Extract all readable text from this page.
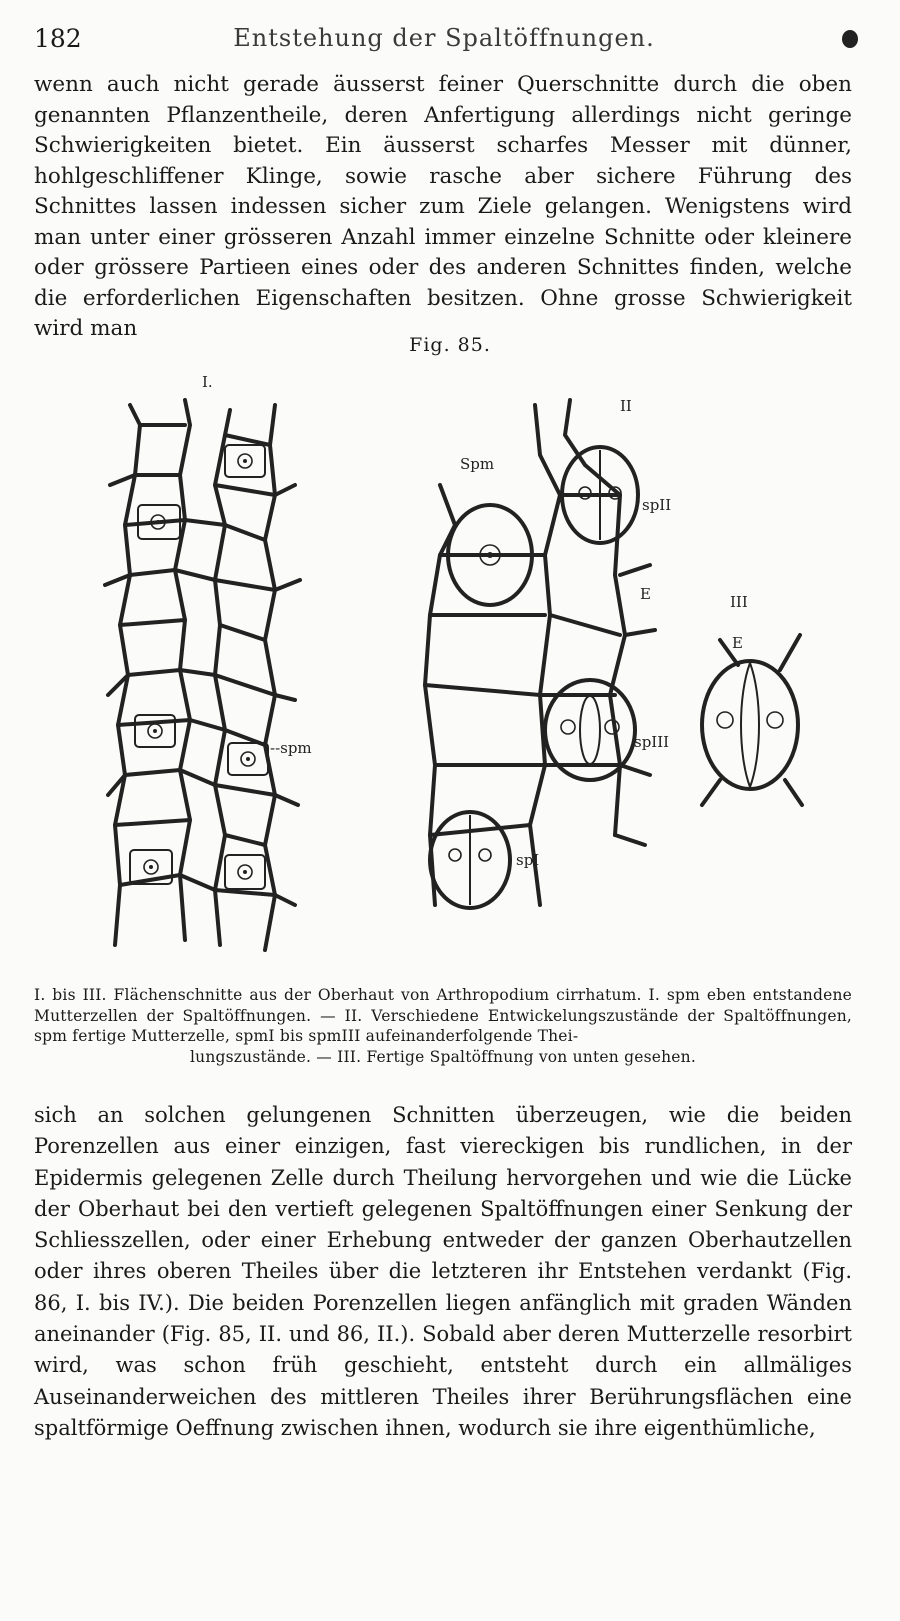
182	Entstehung der Spaltöffnungen.

wenn auch nicht gerade äusserst feiner Querschnitte durch die oben genannten Pflanzentheile, deren Anfertigung allerdings nicht geringe Schwierigkeiten bietet. Ein äusserst scharfes Messer mit dünner, hohlgeschliffener Klinge, sowie rasche aber sichere Führung des Schnittes lassen indessen sicher zum Ziele gelangen. Wenigstens wird man unter einer grösseren Anzahl immer einzelne Schnitte oder kleinere oder grössere Partieen eines oder des anderen Schnittes finden, welche die erforderlichen Eigenschaften besitzen. Ohne grosse Schwierigkeit wird man

Fig. 85.
I.
II
III
--spm
Spm
spII
E
spIII
spI
E
I. bis III. Flächenschnitte aus der Oberhaut von Arthropodium cirrhatum. I. spm eben entstandene Mutterzellen der Spaltöffnungen. — II. Verschiedene Entwickelungszustände der Spaltöffnungen, spm fertige Mutterzelle, spmI bis spmIII aufeinanderfolgende Thei-
lungszustände. — III. Fertige Spaltöffnung von unten gesehen.

sich an solchen gelungenen Schnitten überzeugen, wie die beiden Porenzellen aus einer einzigen, fast viereckigen bis rundlichen, in der Epidermis gelegenen Zelle durch Theilung hervorgehen und wie die Lücke der Oberhaut bei den vertieft gelegenen Spaltöffnungen einer Senkung der Schliesszellen, oder einer Erhebung entweder der ganzen Oberhautzellen oder ihres oberen Theiles über die letzteren ihr Entstehen verdankt (Fig. 86, I. bis IV.). Die beiden Porenzellen liegen anfänglich mit graden Wänden aneinander (Fig. 85, II. und 86, II.). Sobald aber deren Mutterzelle resorbirt wird, was schon früh geschieht, entsteht durch ein allmäliges Auseinanderweichen des mittleren Theiles ihrer Berührungsflächen eine spaltförmige Oeffnung zwischen ihnen, wodurch sie ihre eigenthümliche,
